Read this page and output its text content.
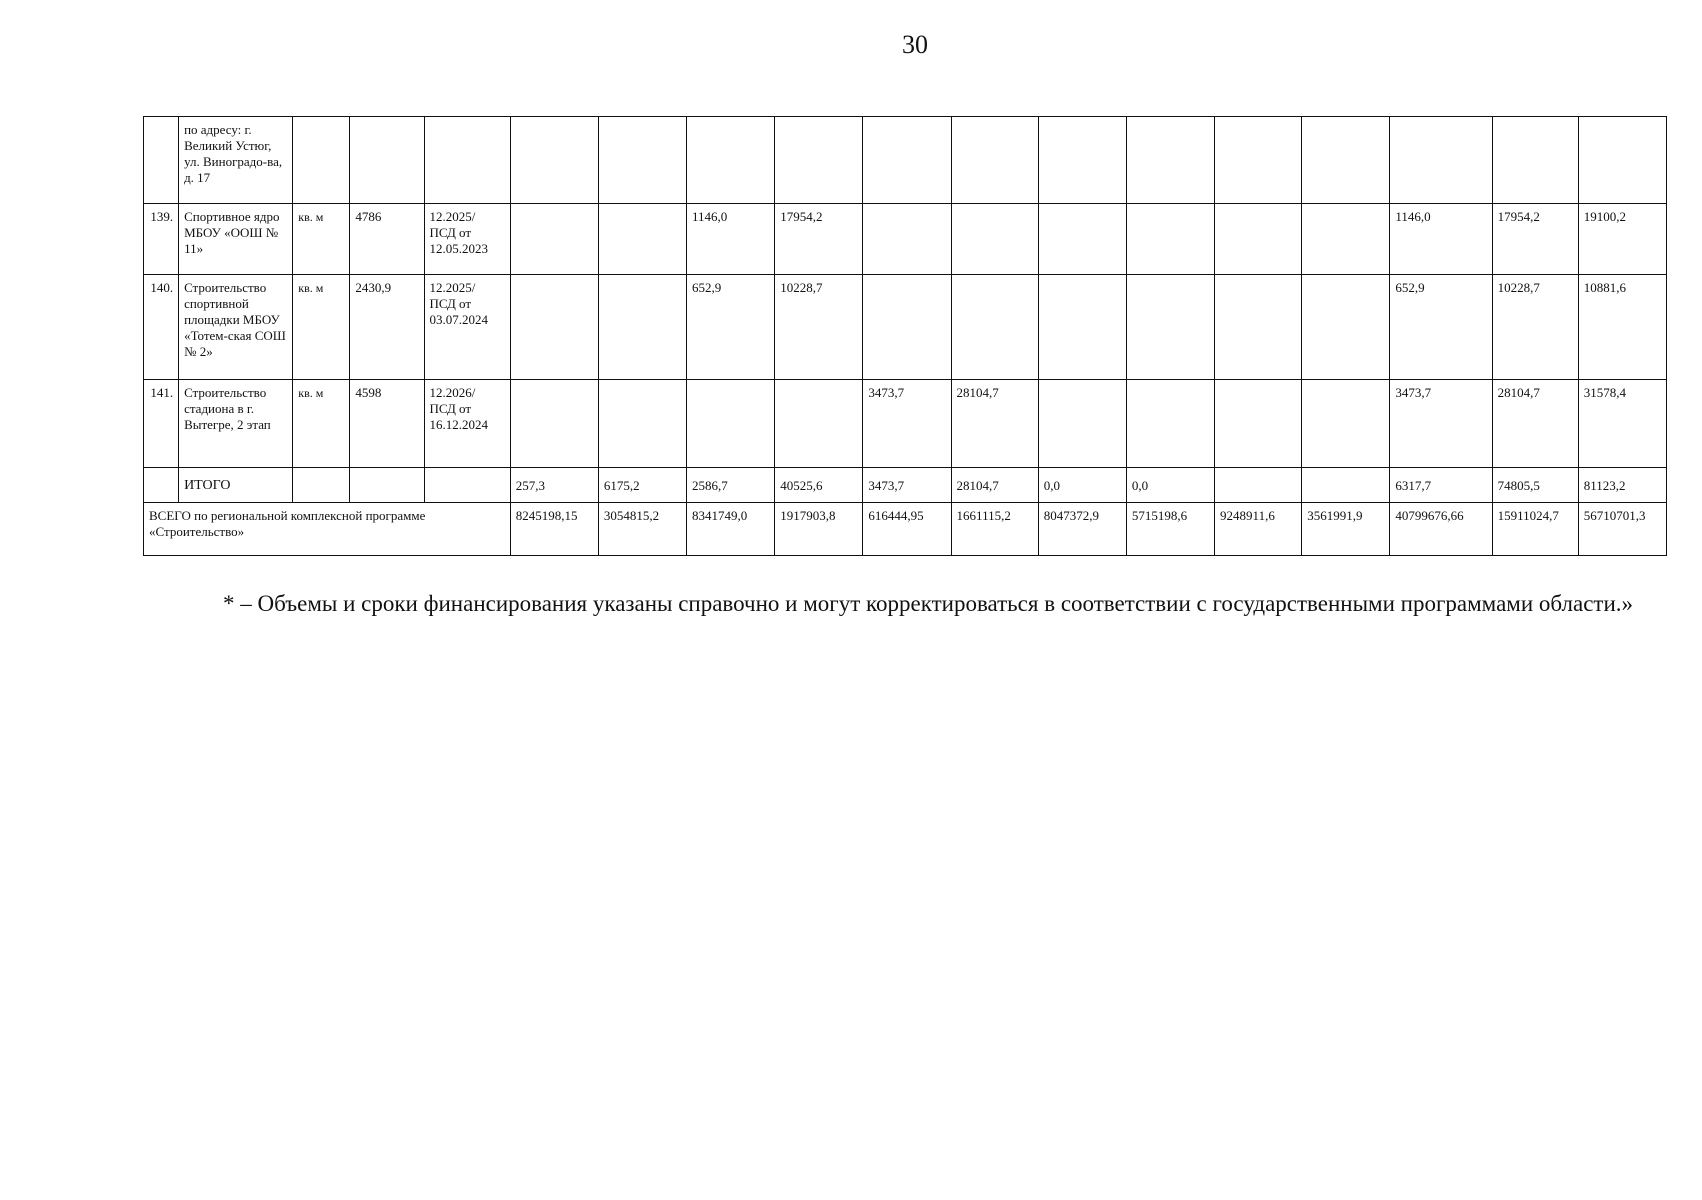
30
	по адресу: г. Великий Устюг, ул. Виноградо-ва, д. 17																
139.	Спортивное ядро МБОУ «ООШ № 11»	кв. м	4786	12.2025/ ПСД от 12.05.2023			1146,0	17954,2							1146,0	17954,2	19100,2
140.	Строительство спортивной площадки МБОУ «Тотем-ская СОШ № 2»	кв. м	2430,9	12.2025/ ПСД от 03.07.2024			652,9	10228,7							652,9	10228,7	10881,6
141.	Строительство стадиона в г. Вытегре, 2 этап	кв. м	4598	12.2026/ ПСД от 16.12.2024					3473,7	28104,7					3473,7	28104,7	31578,4
	ИТОГО				257,3	6175,2	2586,7	40525,6	3473,7	28104,7	0,0	0,0			6317,7	74805,5	81123,2
ВСЕГО по региональной комплексной программе «Строительство»					8245198,15	3054815,2	8341749,0	1917903,8	616444,95	1661115,2	8047372,9	5715198,6	9248911,6	3561991,9	40799676,66	15911024,7	56710701,3
* – Объемы и сроки финансирования указаны справочно и могут корректироваться в соответствии с государственными программами области.»
